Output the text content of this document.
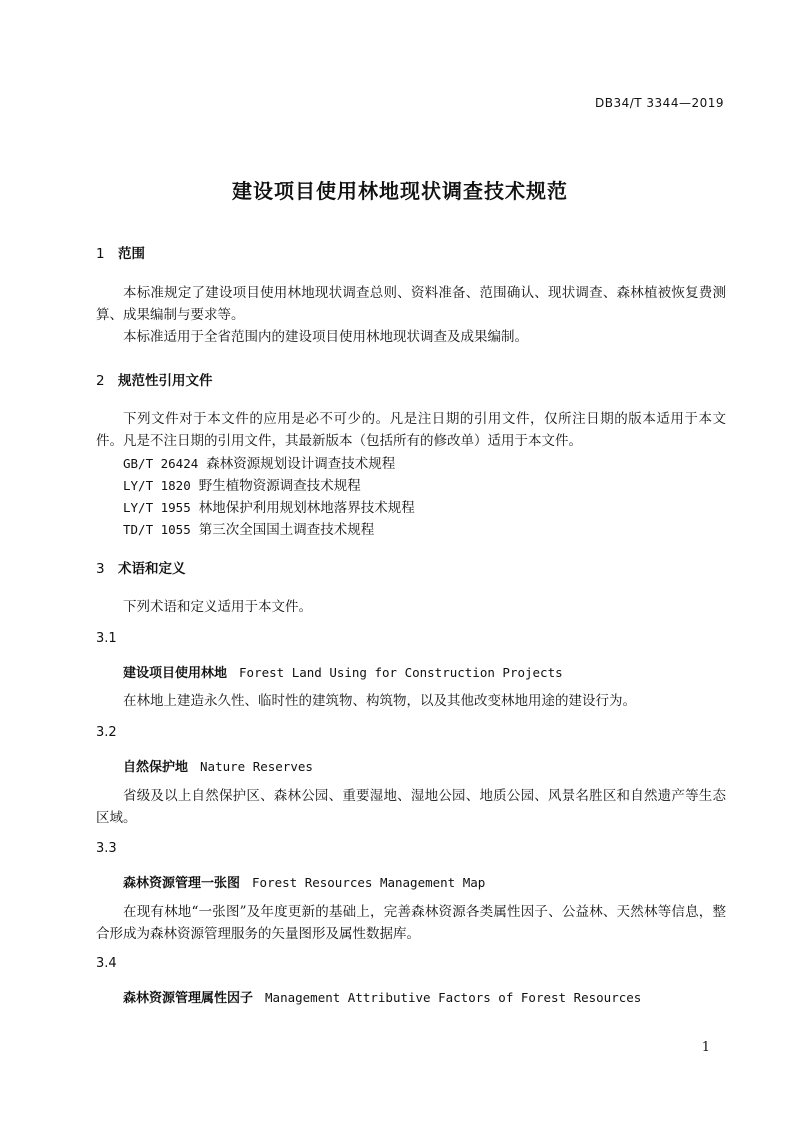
DB34/T 3344—2019
建设项目使用林地现状调查技术规范
1 范围

本标准规定了建设项目使用林地现状调查总则、资料准备、范围确认、现状调查、森林植被恢复费测算、成果编制与要求等。

本标准适用于全省范围内的建设项目使用林地现状调查及成果编制。

2 规范性引用文件

下列文件对于本文件的应用是必不可少的。凡是注日期的引用文件，仅所注日期的版本适用于本文件。凡是不注日期的引用文件，其最新版本（包括所有的修改单）适用于本文件。

GB/T 26424 森林资源规划设计调查技术规程
LY/T 1820 野生植物资源调查技术规程
LY/T 1955 林地保护利用规划林地落界技术规程
TD/T 1055 第三次全国国土调查技术规程
3 术语和定义

下列术语和定义适用于本文件。

3.1
建设项目使用林地 Forest Land Using for Construction Projects

在林地上建造永久性、临时性的建筑物、构筑物，以及其他改变林地用途的建设行为。

3.2
自然保护地 Nature Reserves

省级及以上自然保护区、森林公园、重要湿地、湿地公园、地质公园、风景名胜区和自然遗产等生态区域。

3.3
森林资源管理一张图 Forest Resources Management Map

在现有林地“一张图”及年度更新的基础上，完善森林资源各类属性因子、公益林、天然林等信息，整合形成为森林资源管理服务的矢量图形及属性数据库。

3.4
森林资源管理属性因子 Management Attributive Factors of Forest Resources
1
